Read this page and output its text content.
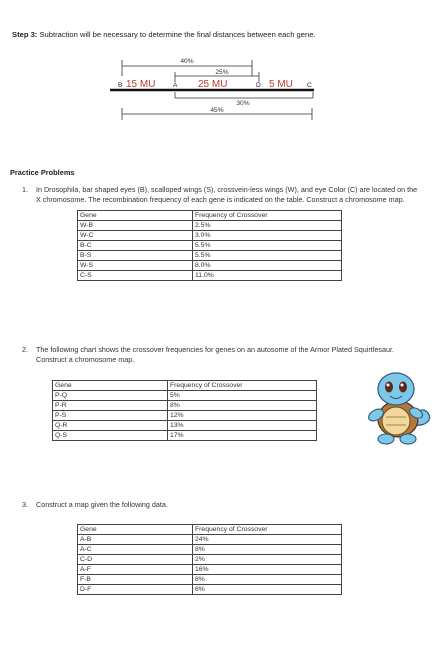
Step 3: Subtraction will be necessary to determine the final distances between each gene.
40%
25%
B	A	D	C
15 MU	25 MU	5 MU
30%
45%
Practice Problems
1. In Drosophila, bar shaped eyes (B), scalloped wings (S), crossvein-less wings (W), and eye Color (C) are located on the X chromosome. The recombination frequency of each gene is indicated on the table. Construct a chromosome map.
Gene	Frequency of Crossover
W-B	2.5%
W-C	3.0%
B-C	5.5%
B-S	5.5%
W-S	8.0%
C-S	11.0%
2. The following chart shows the crossover frequencies for genes on an autosome of the Armor Plated Squirtlesaur. Construct a chromosome map.
Gene	Frequency of Crossover
P-Q	5%
P-R	8%
P-S	12%
Q-R	13%
Q-S	17%
3. Construct a map given the following data.
Gene	Frequency of Crossover
A-B	24%
A-C	8%
C-D	2%
A-F	16%
F-B	8%
D-F	6%
